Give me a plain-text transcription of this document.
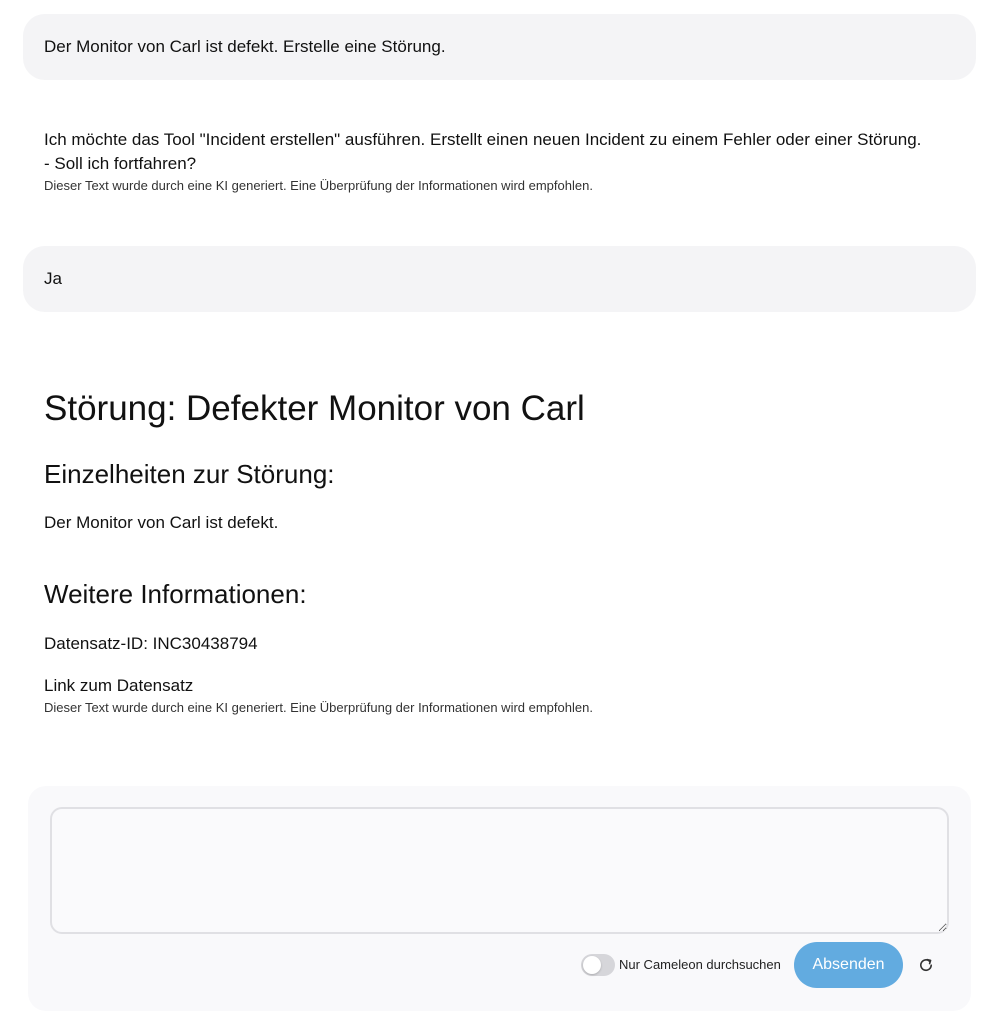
Der Monitor von Carl ist defekt. Erstelle eine Störung.

Ich möchte das Tool "Incident erstellen" ausführen. Erstellt einen neuen Incident zu einem Fehler oder einer Störung.

- Soll ich fortfahren?

Dieser Text wurde durch eine KI generiert. Eine Überprüfung der Informationen wird empfohlen.

Ja
Störung: Defekter Monitor von Carl
Einzelheiten zur Störung:

Der Monitor von Carl ist defekt.

Weitere Informationen:

Datensatz-ID: INC30438794

Link zum Datensatz

Dieser Text wurde durch eine KI generiert. Eine Überprüfung der Informationen wird empfohlen.

Nur Cameleon durchsuchen	Absenden
